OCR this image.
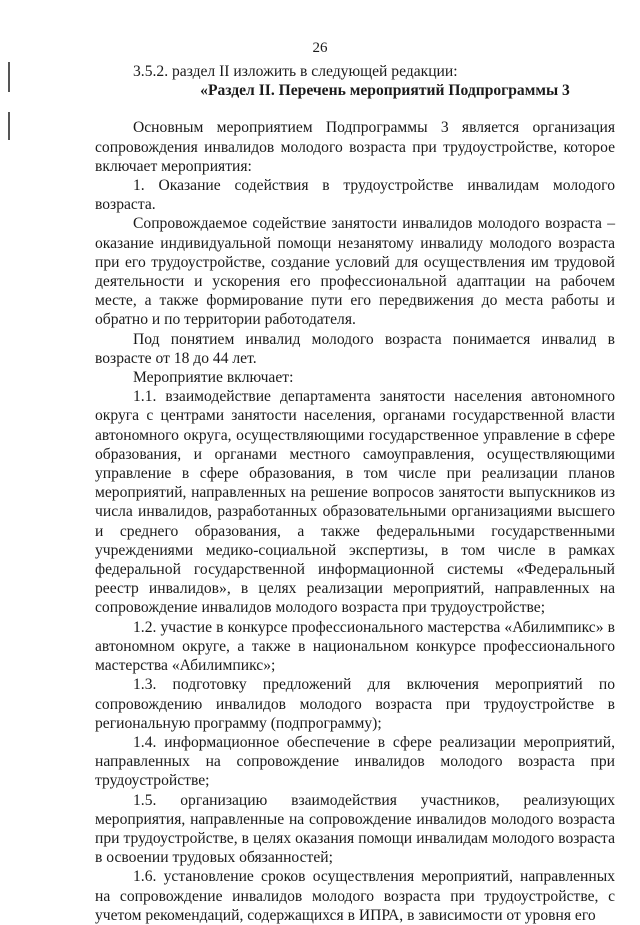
26

3.5.2. раздел II изложить в следующей редакции:

«Раздел II. Перечень мероприятий Подпрограммы 3

Основным мероприятием Подпрограммы 3 является организация сопровождения инвалидов молодого возраста при трудоустройстве, которое включает мероприятия:

1. Оказание содействия в трудоустройстве инвалидам молодого возраста.

Сопровождаемое содействие занятости инвалидов молодого возраста – оказание индивидуальной помощи незанятому инвалиду молодого возраста при его трудоустройстве, создание условий для осуществления им трудовой деятельности и ускорения его профессиональной адаптации на рабочем месте, а также формирование пути его передвижения до места работы и обратно и по территории работодателя.

Под понятием инвалид молодого возраста понимается инвалид в возрасте от 18 до 44 лет.

Мероприятие включает:

1.1. взаимодействие департамента занятости населения автономного округа с центрами занятости населения, органами государственной власти автономного округа, осуществляющими государственное управление в сфере образования, и органами местного самоуправления, осуществляющими управление в сфере образования, в том числе при реализации планов мероприятий, направленных на решение вопросов занятости выпускников из числа инвалидов, разработанных образовательными организациями высшего и среднего образования, а также федеральными государственными учреждениями медико-социальной экспертизы, в том числе в рамках федеральной государственной информационной системы «Федеральный реестр инвалидов», в целях реализации мероприятий, направленных на сопровождение инвалидов молодого возраста при трудоустройстве;

1.2. участие в конкурсе профессионального мастерства «Абилимпикс» в автономном округе, а также в национальном конкурсе профессионального мастерства «Абилимпикс»;

1.3. подготовку предложений для включения мероприятий по сопровождению инвалидов молодого возраста при трудоустройстве в региональную программу (подпрограмму);

1.4. информационное обеспечение в сфере реализации мероприятий, направленных на сопровождение инвалидов молодого возраста при трудоустройстве;

1.5. организацию взаимодействия участников, реализующих мероприятия, направленные на сопровождение инвалидов молодого возраста при трудоустройстве, в целях оказания помощи инвалидам молодого возраста в освоении трудовых обязанностей;

1.6. установление сроков осуществления мероприятий, направленных на сопровождение инвалидов молодого возраста при трудоустройстве, с учетом рекомендаций, содержащихся в ИПРА, в зависимости от уровня его
